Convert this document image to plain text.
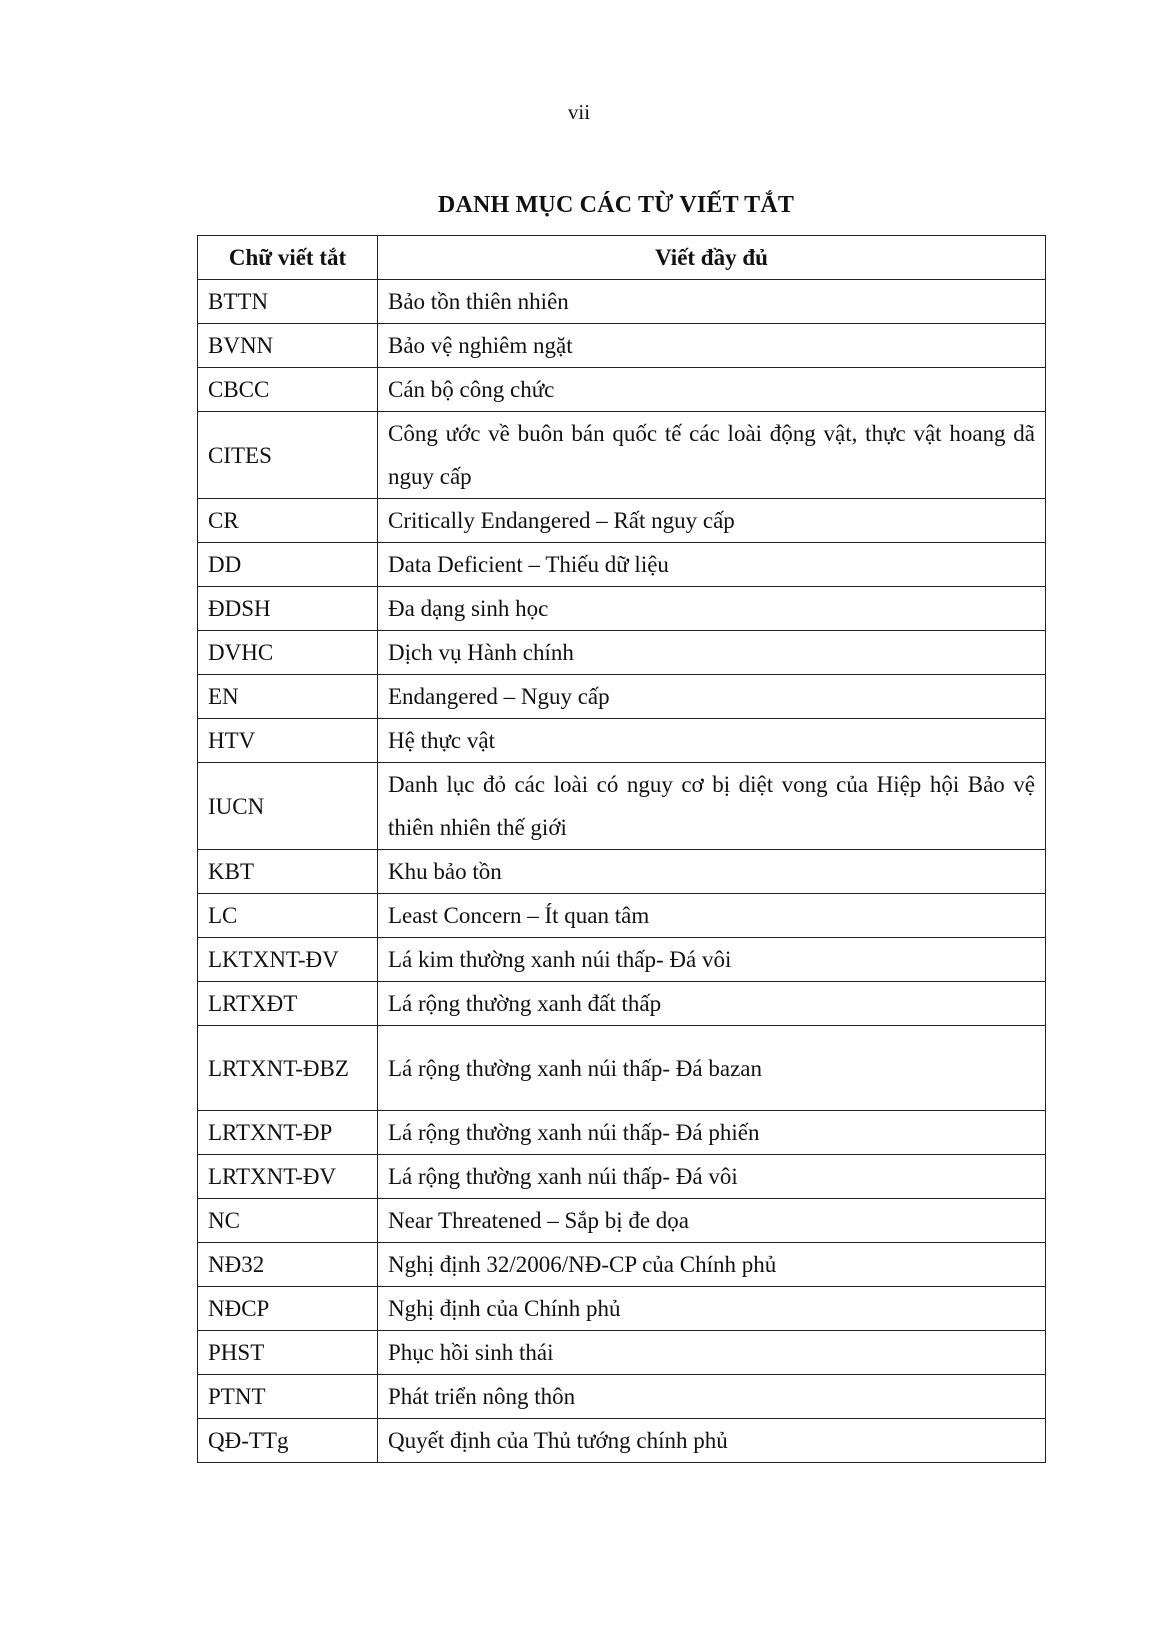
vii
DANH MỤC CÁC TỪ VIẾT TẮT
Chữ viết tắt	Viết đầy đủ
BTTN	Bảo tồn thiên nhiên
BVNN	Bảo vệ nghiêm ngặt
CBCC	Cán bộ công chức
CITES	Công ước về buôn bán quốc tế các loài động vật, thực vật hoang dã nguy cấp
CR	Critically Endangered – Rất nguy cấp
DD	Data Deficient – Thiếu dữ liệu
ĐDSH	Đa dạng sinh học
DVHC	Dịch vụ Hành chính
EN	Endangered – Nguy cấp
HTV	Hệ thực vật
IUCN	Danh lục đỏ các loài có nguy cơ bị diệt vong của Hiệp hội Bảo vệ thiên nhiên thế giới
KBT	Khu bảo tồn
LC	Least Concern – Ít quan tâm
LKTXNT-ĐV	Lá kim thường xanh núi thấp- Đá vôi
LRTXĐT	Lá rộng thường xanh đất thấp
LRTXNT-ĐBZ	Lá rộng thường xanh núi thấp- Đá bazan
LRTXNT-ĐP	Lá rộng thường xanh núi thấp- Đá phiến
LRTXNT-ĐV	Lá rộng thường xanh núi thấp- Đá vôi
NC	Near Threatened – Sắp bị đe dọa
NĐ32	Nghị định 32/2006/NĐ-CP của Chính phủ
NĐCP	Nghị định của Chính phủ
PHST	Phục hồi sinh thái
PTNT	Phát triển nông thôn
QĐ-TTg	Quyết định của Thủ tướng chính phủ
